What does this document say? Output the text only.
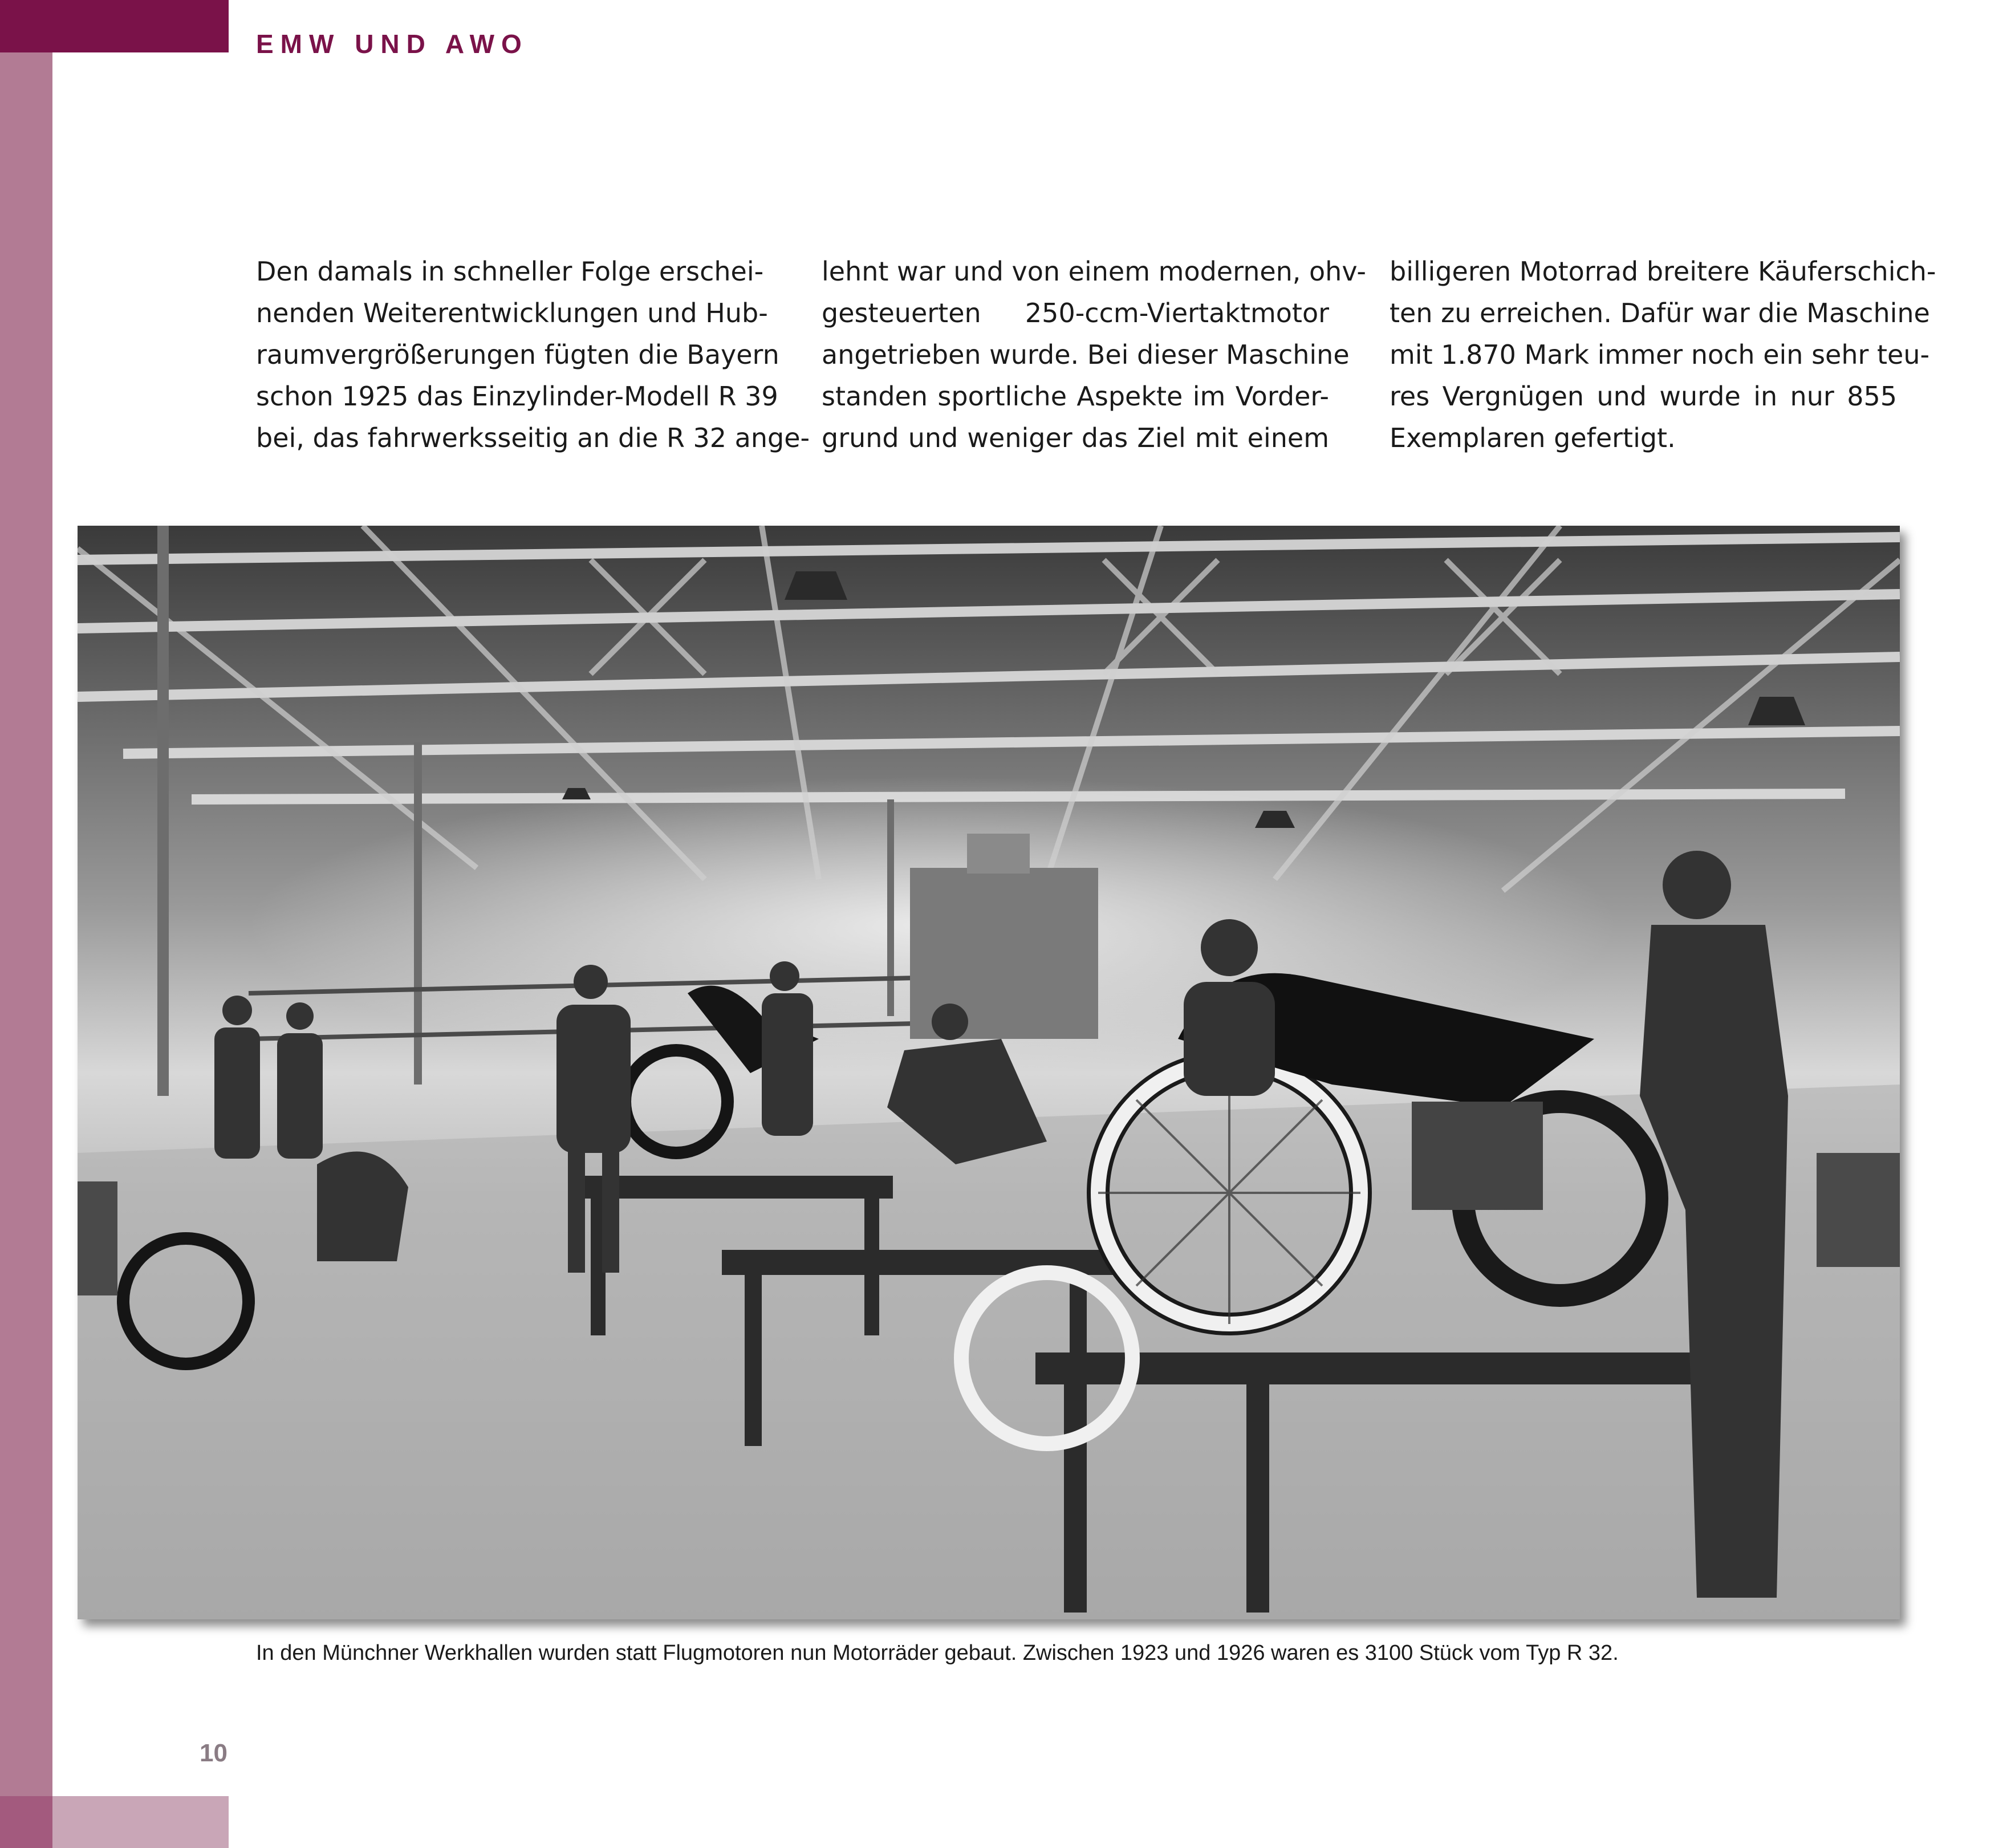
EMW UND AWO
Den damals in schneller Folge erschei-
nenden Weiterentwicklungen und Hub-
raumvergrößerungen fügten die Bayern
schon 1925 das Einzylinder-Modell R 39
bei, das fahrwerksseitig an die R 32 ange-
lehnt war und von einem modernen, ohv-
gesteuerten 250-ccm-Viertaktmotor
angetrieben wurde. Bei dieser Maschine
standen sportliche Aspekte im Vorder-
grund und weniger das Ziel mit einem
billigeren Motorrad breitere Käuferschich-
ten zu erreichen. Dafür war die Maschine
mit 1.870 Mark immer noch ein sehr teu-
res Vergnügen und wurde in nur 855
Exemplaren gefertigt.
In den Münchner Werkhallen wurden statt Flugmotoren nun Motorräder gebaut. Zwischen 1923 und 1926 waren es 3100 Stück vom Typ R 32.
10
